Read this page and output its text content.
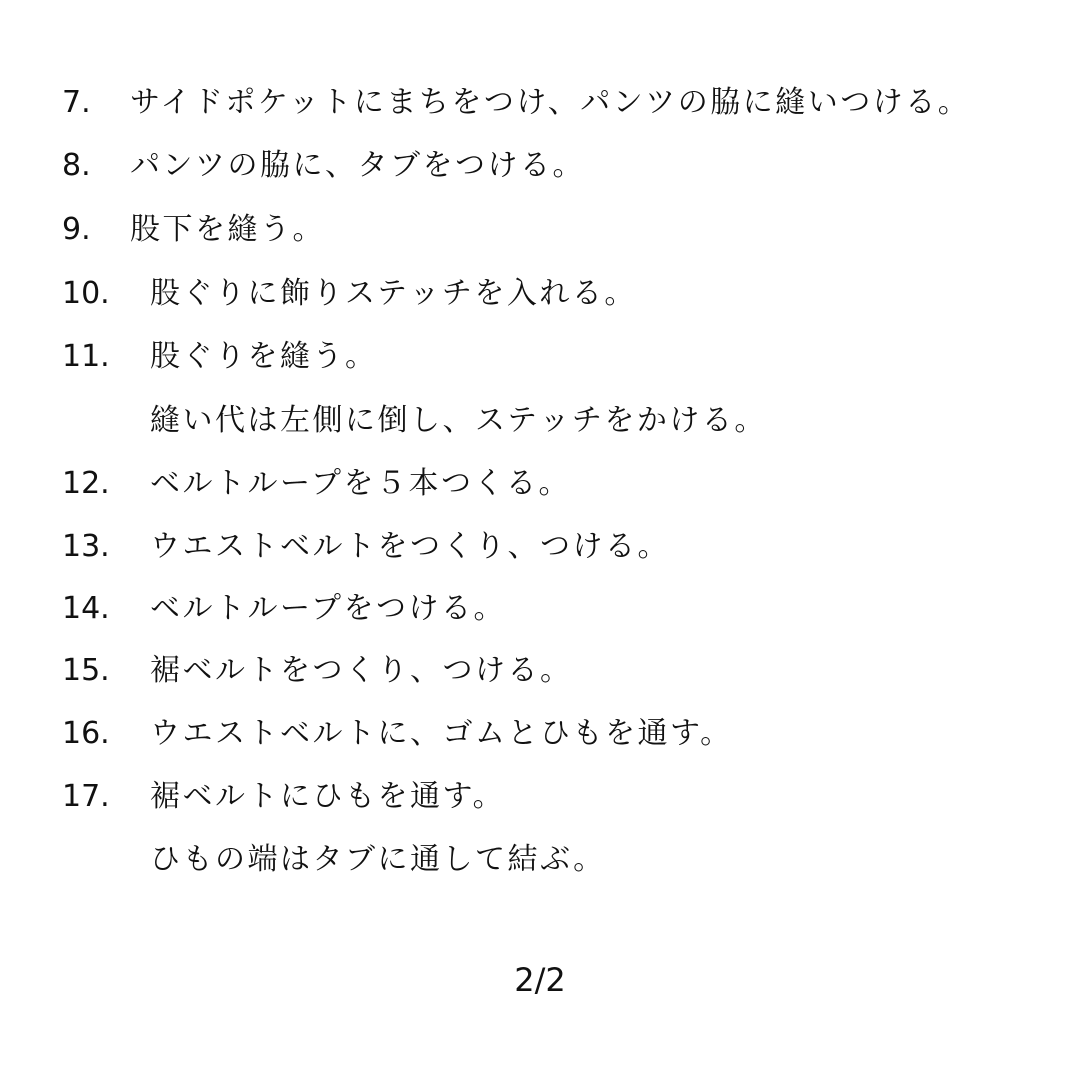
7. サイドポケットにまちをつけ、パンツの脇に縫いつける。
8. パンツの脇に、タブをつける。
9. 股下を縫う。
10. 股ぐりに飾りステッチを入れる。
11. 股ぐりを縫う。
縫い代は左側に倒し、ステッチをかける。
12. ベルトループを５本つくる。
13. ウエストベルトをつくり、つける。
14. ベルトループをつける。
15. 裾ベルトをつくり、つける。
16. ウエストベルトに、ゴムとひもを通す。
17. 裾ベルトにひもを通す。
ひもの端はタブに通して結ぶ。
2/2
